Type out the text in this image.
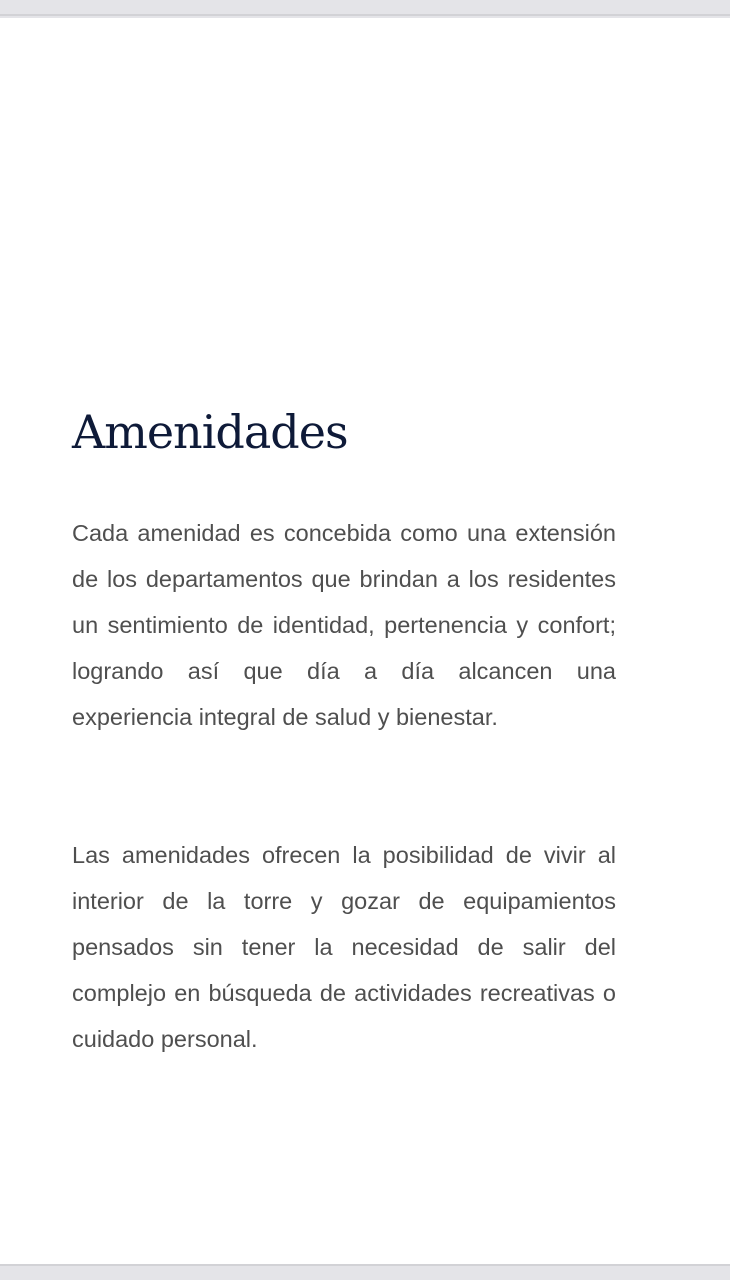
Amenidades

Cada amenidad es concebida como una extensión de los departamentos que brindan a los residentes un sentimiento de identidad, pertenencia y confort; logrando así que día a día alcancen una experiencia integral de salud y bienestar.

Las amenidades ofrecen la posibilidad de vivir al interior de la torre y gozar de equipamientos pensados sin tener la necesidad de salir del complejo en búsqueda de actividades recreativas o cuidado personal.
